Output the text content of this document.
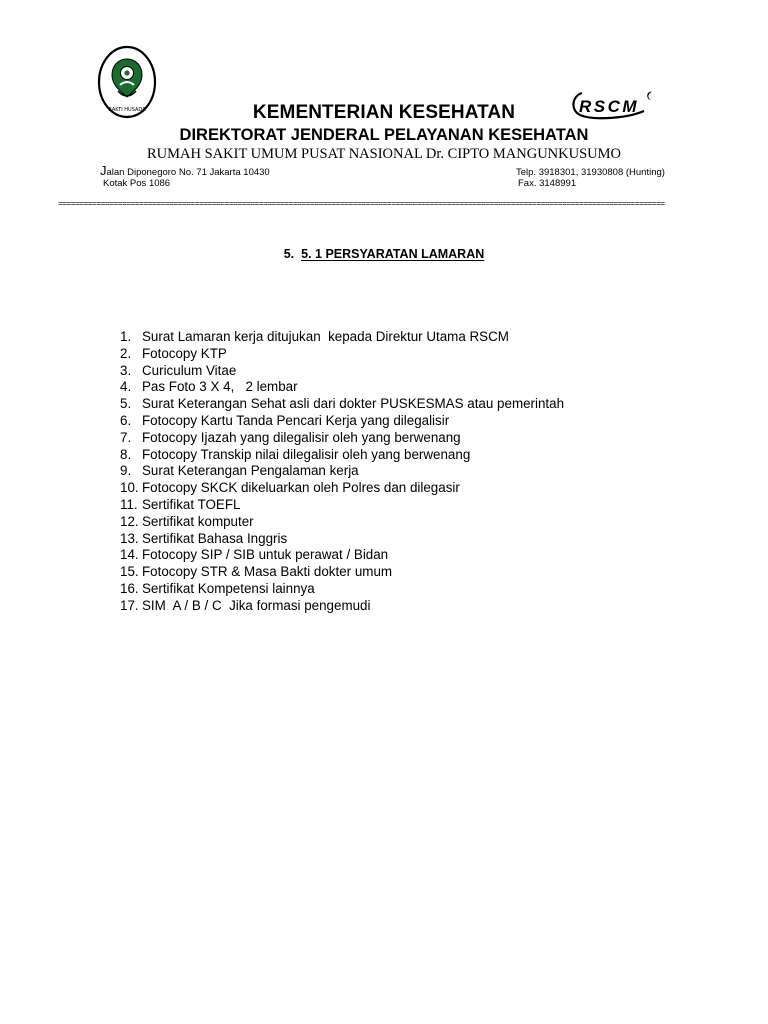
BAKTI HUSADA	RSCM
KEMENTERIAN KESEHATAN
DIREKTORAT JENDERAL PELAYANAN KESEHATAN
RUMAH SAKIT UMUM PUSAT NASIONAL Dr. CIPTO MANGUNKUSUMO
Jalan Diponegoro No. 71 Jakarta 10430
Kotak Pos 1086
Telp. 3918301, 31930808 (Hunting)
Fax. 3148991
==============================================================================================================================================
5. 5. 1 PERSYARATAN LAMARAN
1. Surat Lamaran kerja ditujukan  kepada Direktur Utama RSCM
2. Fotocopy KTP
3. Curiculum Vitae
4. Pas Foto 3 X 4,   2 lembar
5. Surat Keterangan Sehat asli dari dokter PUSKESMAS atau pemerintah
6. Fotocopy Kartu Tanda Pencari Kerja yang dilegalisir
7. Fotocopy Ijazah yang dilegalisir oleh yang berwenang
8. Fotocopy Transkip nilai dilegalisir oleh yang berwenang
9. Surat Keterangan Pengalaman kerja
10. Fotocopy SKCK dikeluarkan oleh Polres dan dilegasir
11. Sertifikat TOEFL
12. Sertifikat komputer
13. Sertifikat Bahasa Inggris
14. Fotocopy SIP / SIB untuk perawat / Bidan
15. Fotocopy STR & Masa Bakti dokter umum
16. Sertifikat Kompetensi lainnya
17. SIM  A / B / C  Jika formasi pengemudi
